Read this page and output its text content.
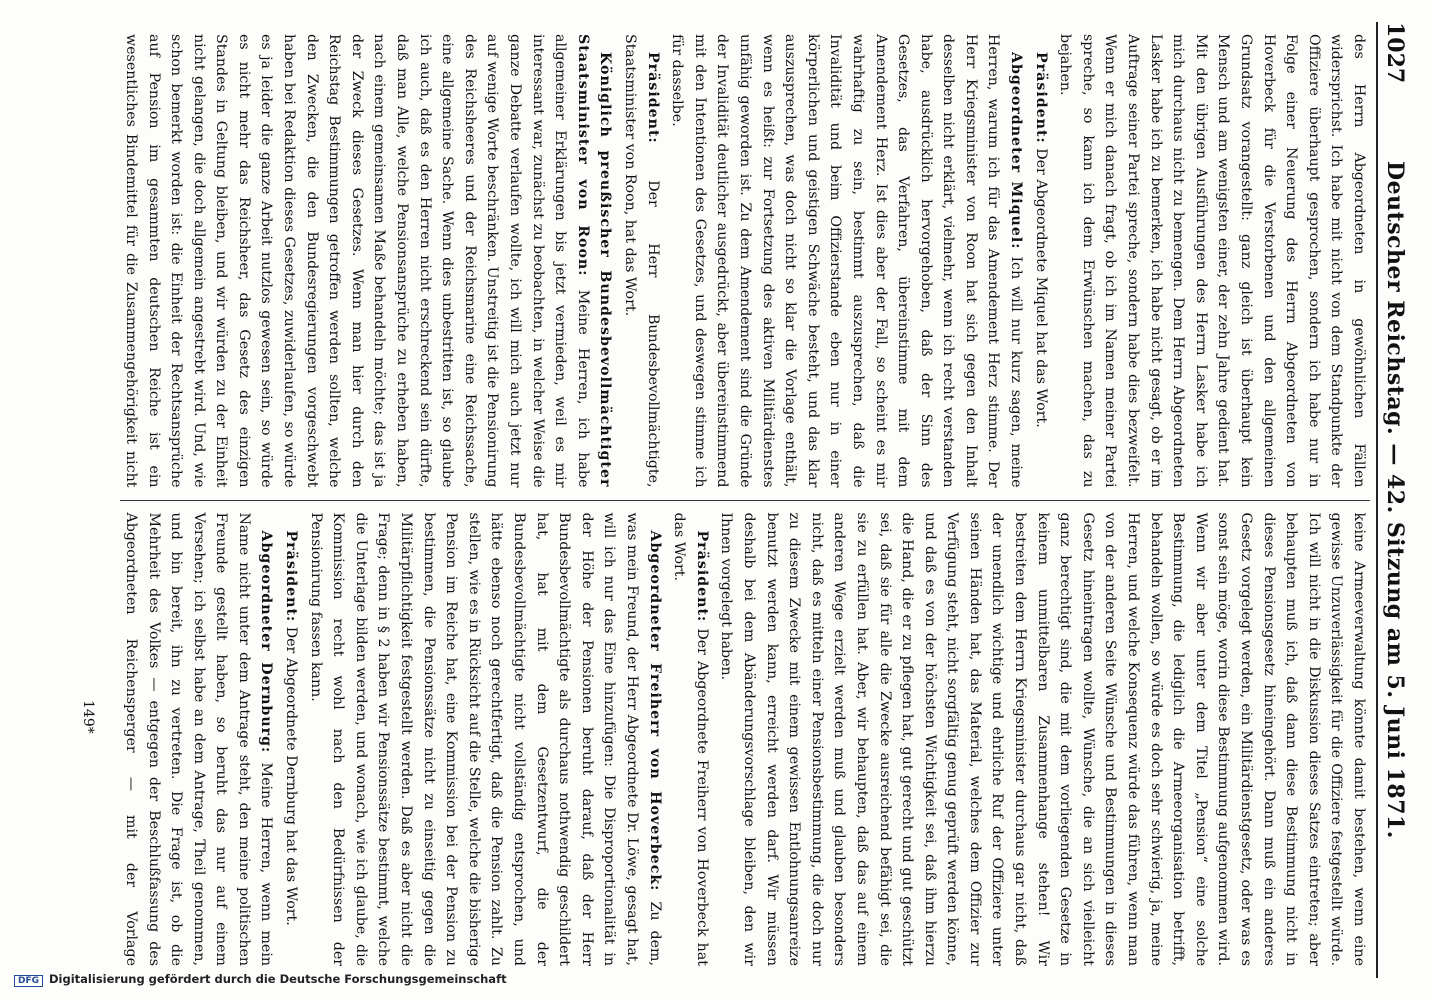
1027
Deutscher Reichstag. — 42. Sitzung am 5. Juni 1871.

des Herrn Abgeordneten in gewöhnlichen Fällen widersprichst. Ich habe mit nicht von dem Standpunkte der Offiziere überhaupt gesprochen, sondern ich habe nur in Folge einer Neuerung des Herrn Abgeordneten von Hoverbeck für die Verstorbenen und den allgemeinen Grundsatz vorangestellt: ganz gleich ist überhaupt kein Mensch und am wenigsten einer, der zehn Jahre gedient hat. Mit den übrigen Ausführungen des Herrn Lasker habe ich mich durchaus nicht zu bemengen. Dem Herrn Abgeordneten Lasker habe ich zu bemerken, ich habe nicht gesagt, ob er im Auftrage seiner Partei spreche, sondern habe dies bezweifelt. Wenn er mich danach fragt, ob ich im Namen meiner Partei spreche, so kann ich dem Erwünschen machen, das zu bejahen.

Präsident: Der Abgeordnete Miquel hat das Wort.

Abgeordneter Miquel: Ich will nur kurz sagen, meine Herren, warum ich für das Amendement Herz stimme. Der Herr Kriegsminister von Roon hat sich gegen den Inhalt desselben nicht erklärt, vielmehr, wenn ich recht verstanden habe, ausdrücklich hervorgehoben, daß der Sinn des Gesetzes, das Verfahren, übereinstimme mit dem Amendement Herz. Ist dies aber der Fall, so scheint es mir wahrhaftig zu sein, bestimmt auszusprechen, daß die Invalidität und beim Offizierstande eben nur in einer körperlichen und geistigen Schwäche besteht, und das klar auszusprechen, was doch nicht so klar die Vorlage enthält, wenn es heißt: zur Fortsetzung des aktiven Militärdienstes unfähig geworden ist. Zu dem Amendement sind die Gründe der Invalidität deutlicher ausgedrückt, aber übereinstimmend mit den Intentionen des Gesetzes, und deswegen stimme ich für dasselbe.

Präsident: Der Herr Bundesbevollmächtigte, Staatsminister von Roon, hat das Wort.

Königlich preußischer Bundesbevollmächtigter Staatsminister von Roon: Meine Herren, ich habe allgemeiner Erklärungen bis jetzt vermieden, weil es mir interessant war, zunächst zu beobachten, in welcher Weise die ganze Debatte verlaufen wollte, ich will mich auch jetzt nur auf wenige Worte beschränken. Unstreitig ist die Pensionirung des Reichsheeres und der Reichsmarine eine Reichssache, eine allgemeine Sache. Wenn dies unbestritten ist, so glaube ich auch, daß es den Herren nicht erschreckend sein dürfte, daß man Alle, welche Pensionsansprüche zu erheben haben, nach einem gemeinsamen Maße behandeln möchte; das ist ja der Zweck dieses Gesetzes. Wenn man hier durch den Reichstag Bestimmungen getroffen werden sollten, welche den Zwecken, die den Bundesregierungen vorgeschwebt haben bei Redaktion dieses Gesetzes, zuwiderlaufen, so würde es ja leider die ganze Arbeit nutzlos gewesen sein, so würde es nicht mehr das Reichsheer, das Gesetz des einzigen Standes in Geltung bleiben, und wir würden zu der Einheit nicht gelangen, die doch allgemein angestrebt wird. Und, wie schon bemerkt worden ist: die Einheit der Rechtsansprüche auf Pension im gesammten deutschen Reiche ist ein wesentliches Bindemittel für die Zusammengehörigkeit nicht

keine Armeeverwaltung könnte damit bestehen, wenn eine gewisse Unzuverlässigkeit für die Offiziere festgestellt würde. Ich will nicht in die Diskussion dieses Satzes eintreten; aber behaupten muß ich, daß dann diese Bestimmung nicht in dieses Pensionsgesetz hineingehört. Dann muß ein anderes Gesetz vorgelegt werden, ein Militärdienstgesetz, oder was es sonst sein möge, worin diese Bestimmung aufgenommen wird. Wenn wir aber unter dem Titel „Pension“ eine solche Bestimmung, die lediglich die Armeeorganisation betrifft, behandeln wollen, so würde es doch sehr schwierig, ja, meine Herren, und welche Konsequenz würde das führen, wenn man von der anderen Seite Wünsche und Bestimmungen in dieses Gesetz hineintragen wollte, Wünsche, die an sich vielleicht ganz berechtigt sind, die mit dem vorliegenden Gesetze in keinem unmittelbaren Zusammenhange stehen! Wir bestreiten dem Herrn Kriegsminister durchaus gar nicht, daß der unendlich wichtige und ehrliche Ruf der Offiziere unter seinen Händen hat, das Material, welches dem Offizier zur Verfügung steht, nicht sorgfältig genug geprüft werden könne, und daß es von der höchsten Wichtigkeit sei, daß ihm hierzu die Hand, die er zu pflegen hat, gut gerecht und gut geschützt sei, daß sie für alle die Zwecke ausreichend befähigt sei, die sie zu erfüllen hat. Aber, wir behaupten, daß das auf einem anderen Wege erzielt werden muß und glauben besonders nicht, daß es mitteln einer Pensionsbestimmung, die doch nur zu diesem Zwecke mit einem gewissen Entlohnungsanreize benutzt werden kann, erreicht werden darf. Wir müssen deshalb bei dem Abänderungsvorschlage bleiben, den wir Ihnen vorgelegt haben.

Präsident: Der Abgeordnete Freiherr von Hoverbeck hat das Wort.

Abgeordneter Freiherr von Hoverbeck: Zu dem, was mein Freund, der Herr Abgeordnete Dr. Löwe, gesagt hat, will ich nur das Eine hinzufügen: Die Disproportionalität in der Höhe der Pensionen beruht darauf, daß der Herr Bundesbevollmächtigte als durchaus nothwendig geschildert hat, hat mit dem Gesetzentwurf, die der Bundesbevollmächtigte nicht vollständig entsprochen, und hätte ebenso noch gerechtfertigt, daß die Pension zahlt. Zu stellen, wie es in Rücksicht auf die Stelle, welche die bisherige Pension im Reiche hat, eine Kommission bei der Pension zu bestimmen, die Pensionssätze nicht zu einseitig gegen die Militärpflichtigkeit festgestellt werden. Daß es aber nicht die Frage; denn in § 2 haben wir Pensionssätze bestimmt, welche die Unterlage bilden werden, und wonach, wie ich glaube, die Kommission recht wohl nach den Bedürfnissen der Pensionirung fassen kann.

Präsident: Der Abgeordnete Dernburg hat das Wort.

Abgeordneter Dernburg: Meine Herren, wenn mein Name nicht unter dem Antrage steht, den meine politischen Freunde gestellt haben, so beruht das nur auf einem Versehen; ich selbst habe an dem Antrage, Theil genommen, und bin bereit, ihn zu vertreten. Die Frage ist, ob die Mehrheit des Volkes — entgegen der Beschlußfassung des Abgeordneten Reichensperger — mit der Vorlage

149*
DFG Digitalisierung gefördert durch die Deutsche Forschungsgemeinschaft
